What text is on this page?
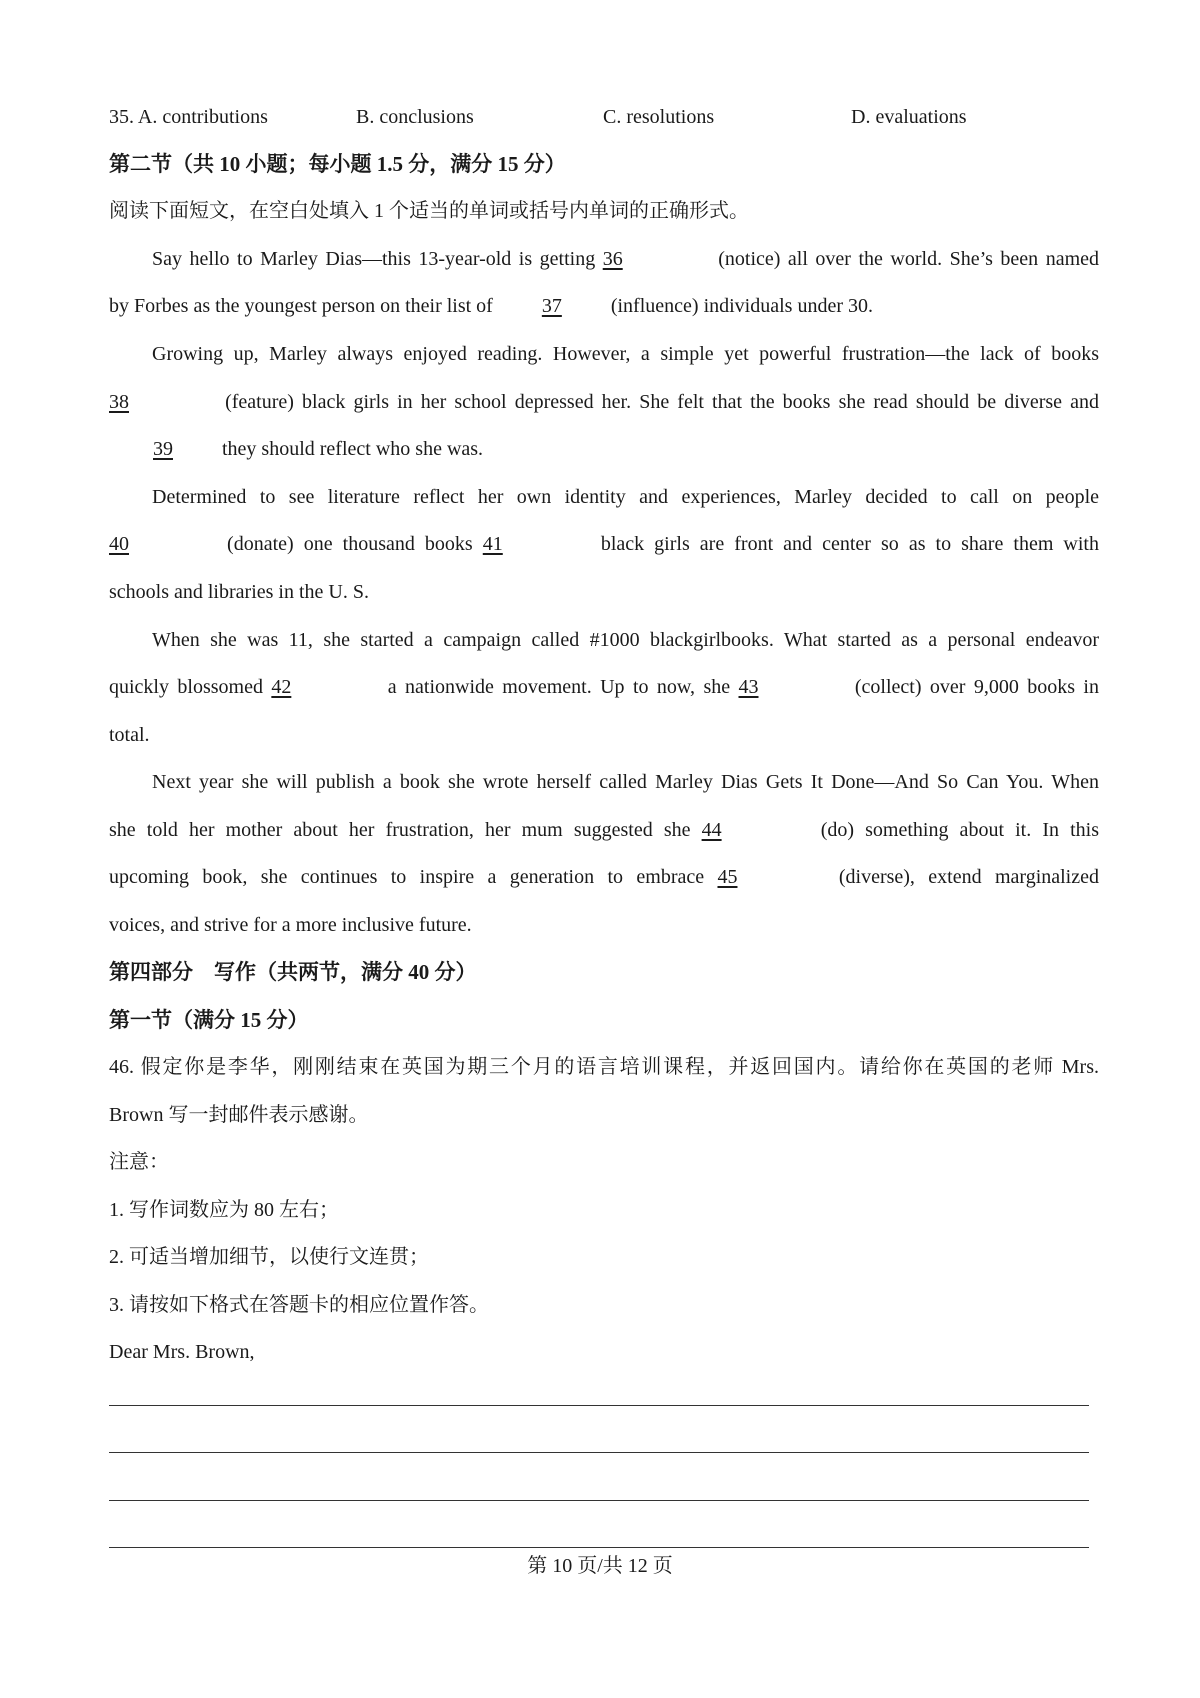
35. A. contributions	B. conclusions	C. resolutions	D. evaluations
第二节（共 10 小题；每小题 1.5 分，满分 15 分）
阅读下面短文，在空白处填入 1 个适当的单词或括号内单词的正确形式。
Say hello to Marley Dias—this 13-year-old is getting 36	(notice) all over the world. She’s been named
by Forbes as the youngest person on their list of 37 (influence) individuals under 30.
Growing up, Marley always enjoyed reading. However, a simple yet powerful frustration—the lack of books
38	(feature) black girls in her school depressed her. She felt that the books she read should be diverse and
39 they should reflect who she was.
Determined to see literature reflect her own identity and experiences, Marley decided to call on people
40	(donate) one thousand books 41	black girls are front and center so as to share them with
schools and libraries in the U. S.
When she was 11, she started a campaign called #1000 blackgirlbooks. What started as a personal endeavor
quickly blossomed 42	a nationwide movement. Up to now, she 43	(collect) over 9,000 books in
total.
Next year she will publish a book she wrote herself called Marley Dias Gets It Done—And So Can You. When
she told her mother about her frustration, her mum suggested she 44	(do) something about it. In this
upcoming book, she continues to inspire a generation to embrace 45	(diverse), extend marginalized
voices, and strive for a more inclusive future.
第四部分　写作（共两节，满分 40 分）
第一节（满分 15 分）
46. 假定你是李华，刚刚结束在英国为期三个月的语言培训课程，并返回国内。请给你在英国的老师 Mrs.
Brown 写一封邮件表示感谢。
注意：
1. 写作词数应为 80 左右；
2. 可适当增加细节，以使行文连贯；
3. 请按如下格式在答题卡的相应位置作答。
Dear Mrs. Brown,
第 10 页/共 12 页
